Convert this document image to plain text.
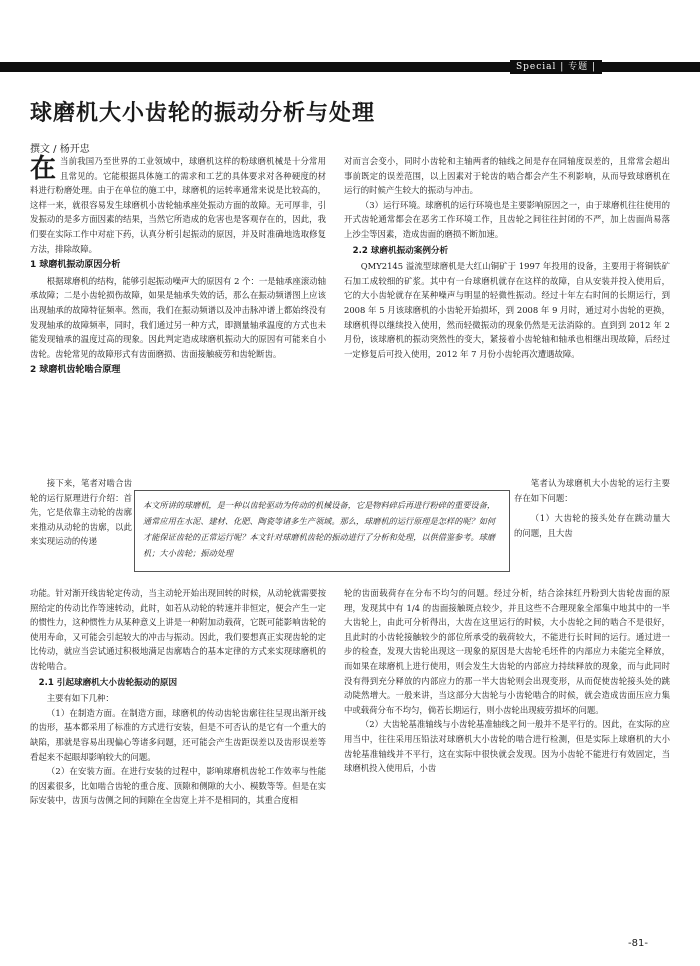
Special | 专题 |
球磨机大小齿轮的振动分析与处理
撰文 / 杨开忠

在当前我国乃至世界的工业领域中，球磨机这样的粉球磨机械是十分常用且常见的。它能根据具体施工的需求和工艺的具体要求对各种硬度的材料进行粉磨处理。由于在单位的施工中，球磨机的运转率通常来说是比较高的，这样一来，就很容易发生球磨机小齿轮轴承座处振动方面的故障。无可厚非，引发振动的是多方面因素的结果，当然它所造成的危害也是客观存在的，因此，我们要在实际工作中对症下药，认真分析引起振动的原因，并及时准确地选取修复方法，排除故障。

1 球磨机振动原因分析

根据球磨机的结构，能够引起振动噪声大的原因有 2 个：一是轴承座滚动轴承故障；二是小齿轮损伤故障，如果是轴承失效的话，那么在振动频谱图上应该出现轴承的故障特征频率。然而，我们在振动频谱以及冲击脉冲谱上都始终没有发现轴承的故障频率，同时，我们通过另一种方式，即测量轴承温度的方式也未能发现轴承的温度过高的现象。因此判定造成球磨机振动大的原因有可能来自小齿轮。齿轮常见的故障形式有齿面磨损、齿面接触疲劳和齿轮断齿。

2 球磨机齿轮啮合原理

接下来，笔者对啮合齿轮的运行原理进行介绍：首先，它是依靠主动轮的齿廓来推动从动轮的齿廓，以此来实现运动的传递

笔者认为球磨机大小齿轮的运行主要存在如下问题：

（1）大齿轮的接头处存在跳动量大的问题，且大齿

本文所讲的球磨机，是一种以齿轮驱动为传动的机械设备，它是物料碎后再进行粉碎的重要设备，通常应用在水泥、建材、化肥、陶瓷等诸多生产领域。那么，球磨机的运行原理是怎样的呢？如何才能保证齿轮的正常运行呢？本文针对球磨机齿轮的振动进行了分析和处理，以供借鉴参考。球磨机；大小齿轮；振动处理

功能。针对渐开线齿轮定传动，当主动轮开始出现回转的时候，从动轮就需要按照给定的传动比作等速转动，此时，如若从动轮的转速并非恒定，便会产生一定的惯性力，这种惯性力从某种意义上讲是一种附加动载荷，它既可能影响齿轮的使用寿命，又可能会引起较大的冲击与振动。因此，我们要想真正实现齿轮的定比传动，就应当尝试通过积极地满足齿廓啮合的基本定律的方式来实现球磨机的齿轮啮合。

2.1 引起球磨机大小齿轮振动的原因

主要有如下几种：

（1）在制造方面。在制造方面，球磨机的传动齿轮齿廓往往呈现出渐开线的齿形，基本都采用了标准的方式进行安装，但是不可否认的是它有一个重大的缺陷，那就是容易出现偏心等诸多问题，还可能会产生齿距误差以及齿形误差等看起来不起眼却影响较大的问题。

（2）在安装方面。在进行安装的过程中，影响球磨机齿轮工作效率与性能的因素很多，比如啮合齿轮的重合度、顶隙和侧隙的大小、模数等等。但是在实际安装中，齿顶与齿侧之间的间隙在全齿宽上并不是相同的，其重合度相

对而言会变小，同时小齿轮和主轴两者的轴线之间是存在同轴度误差的，且常常会超出事前既定的误差范围，以上因素对于轮齿的啮合都会产生不利影响，从而导致球磨机在运行的时候产生较大的振动与冲击。

（3）运行环境。球磨机的运行环境也是主要影响原因之一，由于球磨机往往使用的开式齿轮通常都会在恶劣工作环境工作，且齿轮之间往往封闭的不严，加上齿面尚易落上沙尘等因素，造成齿面的磨损不断加速。

2.2 球磨机振动案例分析

QMY2145 溢流型球磨机是大红山铜矿于 1997 年投用的设备，主要用于将铜铁矿石加工成较细的矿浆。其中有一台球磨机就存在这样的故障，自从安装并投入使用后，它的大小齿轮就存在某种噪声与明显的轻微性振动。经过十年左右时间的长期运行，到 2008 年 5 月该球磨机的小齿轮开始损坏，到 2008 年 9 月时，通过对小齿轮的更换，球磨机得以继续投入使用，然而轻微振动的现象仍然是无法消除的。直到到 2012 年 2 月份，该球磨机的振动突然性的变大，紧接着小齿轮轴和轴承也相继出现故障，后经过一定修复后可投入使用，2012 年 7 月份小齿轮再次遭遇故障。

轮的齿面载荷存在分布不均匀的问题。经过分析，结合涂抹红丹粉到大齿轮齿面的原理，发现其中有 1/4 的齿面接触斑点较少，并且这些不合理现象全部集中地其中的一半大齿轮上，由此可分析得出，大齿在这里运行的时候，大小齿轮之间的啮合不是很好，且此时的小齿轮接触较少的部位所承受的载荷较大，不能进行长时间的运行。通过进一步的检查，发现大齿轮出现这一现象的原因是大齿轮毛坯件的内部应力未能完全释放，而如果在球磨机上进行使用，则会发生大齿轮的内部应力持续释放的现象，而与此同时没有得到充分释放的内部应力的那一半大齿轮则会出现变形，从而促使齿轮接头处的跳动陡然增大。一般来讲，当这部分大齿轮与小齿轮啮合的时候，就会造成齿面压应力集中或载荷分布不均匀，倘若长期运行，则小齿轮出现疲劳损坏的问题。

（2）大齿轮基准轴线与小齿轮基准轴线之间一般并不是平行的。因此，在实际的应用当中，往往采用压铅法对球磨机大小齿轮的啮合进行检测，但是实际上球磨机的大小齿轮基准轴线并不平行，这在实际中很快就会发现。因为小齿轮不能进行有效固定，当球磨机投入使用后，小齿

-81-
